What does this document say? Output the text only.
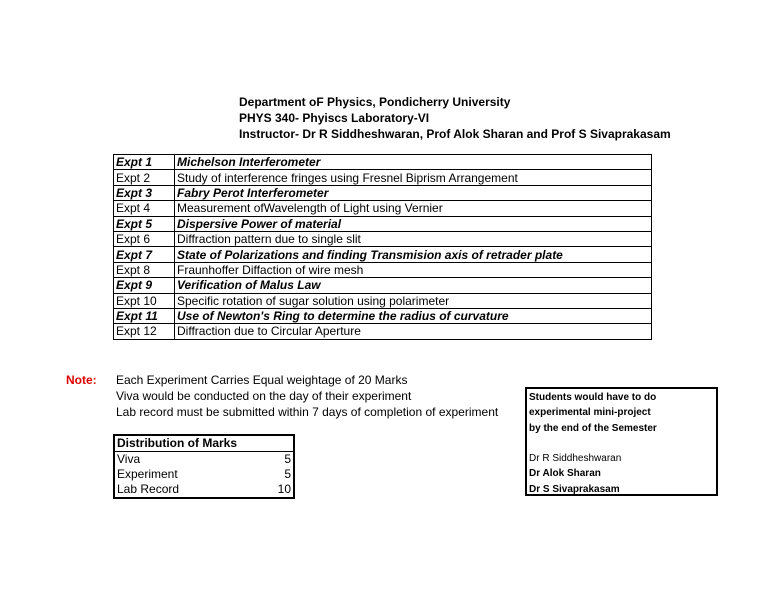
Department oF Physics, Pondicherry University
PHYS 340- Phyiscs Laboratory-VI
Instructor- Dr R Siddheshwaran, Prof Alok Sharan and Prof S Sivaprakasam
Expt 1	Michelson Interferometer
Expt 2	Study of interference fringes using Fresnel Biprism Arrangement
Expt 3	Fabry Perot Interferometer
Expt 4	Measurement ofWavelength of Light using Vernier
Expt 5	Dispersive Power of material
Expt 6	Diffraction pattern due to single slit
Expt 7	State of Polarizations and finding Transmision axis of retrader plate
Expt 8	Fraunhoffer Diffaction of wire mesh
Expt 9	Verification of Malus Law
Expt 10	Specific rotation of sugar solution using polarimeter
Expt 11	Use of Newton's Ring to determine the radius of curvature
Expt 12	Diffraction due to Circular Aperture
Note: Each Experiment Carries Equal weightage of 20 Marks
Viva would be conducted on the day of their experiment
Lab record must be submitted within 7 days of completion of experiment
Distribution of Marks	
Viva	5
Experiment	5
Lab Record	10
Students would have to do
experimental mini-project
by the end of the Semester
Dr R Siddheshwaran
Dr Alok Sharan
Dr S Sivaprakasam
